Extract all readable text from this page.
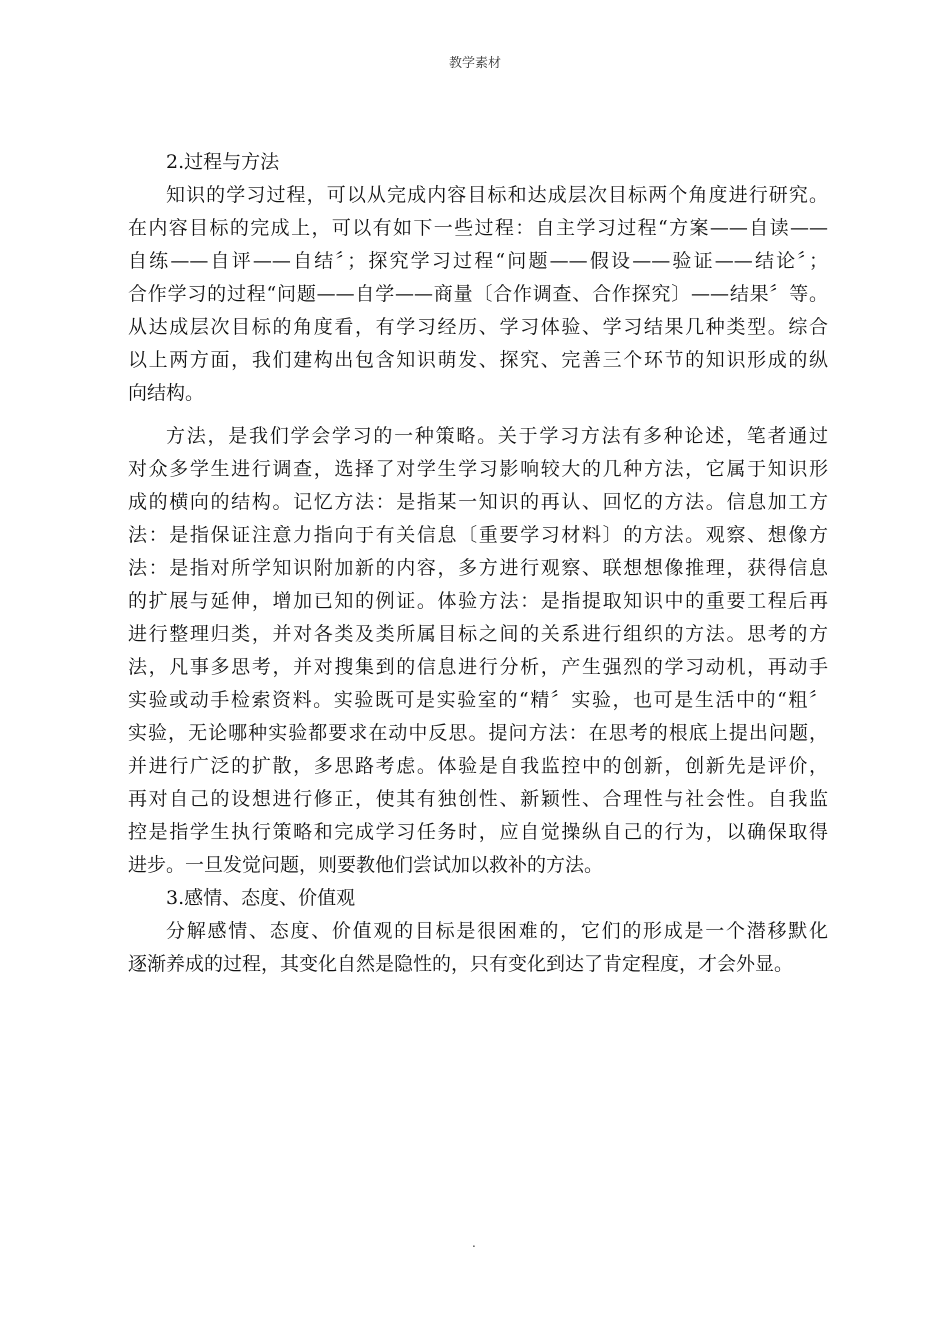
教学素材

2.过程与方法

知识的学习过程，可以从完成内容目标和达成层次目标两个角度进行研究。
在内容目标的完成上，可以有如下一些过程：自主学习过程“方案——自读——
自练——自评——自结〞；探究学习过程“问题——假设——验证——结论〞；
合作学习的过程“问题——自学——商量〔合作调查、合作探究〕——结果〞等。
从达成层次目标的角度看，有学习经历、学习体验、学习结果几种类型。综合
以上两方面，我们建构出包含知识萌发、探究、完善三个环节的知识形成的纵
向结构。

方法，是我们学会学习的一种策略。关于学习方法有多种论述，笔者通过
对众多学生进行调查，选择了对学生学习影响较大的几种方法，它属于知识形
成的横向的结构。记忆方法：是指某一知识的再认、回忆的方法。信息加工方
法：是指保证注意力指向于有关信息〔重要学习材料〕的方法。观察、想像方
法：是指对所学知识附加新的内容，多方进行观察、联想想像推理，获得信息
的扩展与延伸，增加已知的例证。体验方法：是指提取知识中的重要工程后再
进行整理归类，并对各类及类所属目标之间的关系进行组织的方法。思考的方
法，凡事多思考，并对搜集到的信息进行分析，产生强烈的学习动机，再动手
实验或动手检索资料。实验既可是实验室的“精〞实验，也可是生活中的“粗〞
实验，无论哪种实验都要求在动中反思。提问方法：在思考的根底上提出问题，
并进行广泛的扩散，多思路考虑。体验是自我监控中的创新，创新先是评价，
再对自己的设想进行修正，使其有独创性、新颖性、合理性与社会性。自我监
控是指学生执行策略和完成学习任务时，应自觉操纵自己的行为，以确保取得
进步。一旦发觉问题，则要教他们尝试加以救补的方法。

3.感情、态度、价值观

分解感情、态度、价值观的目标是很困难的，它们的形成是一个潜移默化
逐渐养成的过程，其变化自然是隐性的，只有变化到达了肯定程度，才会外显。

.
